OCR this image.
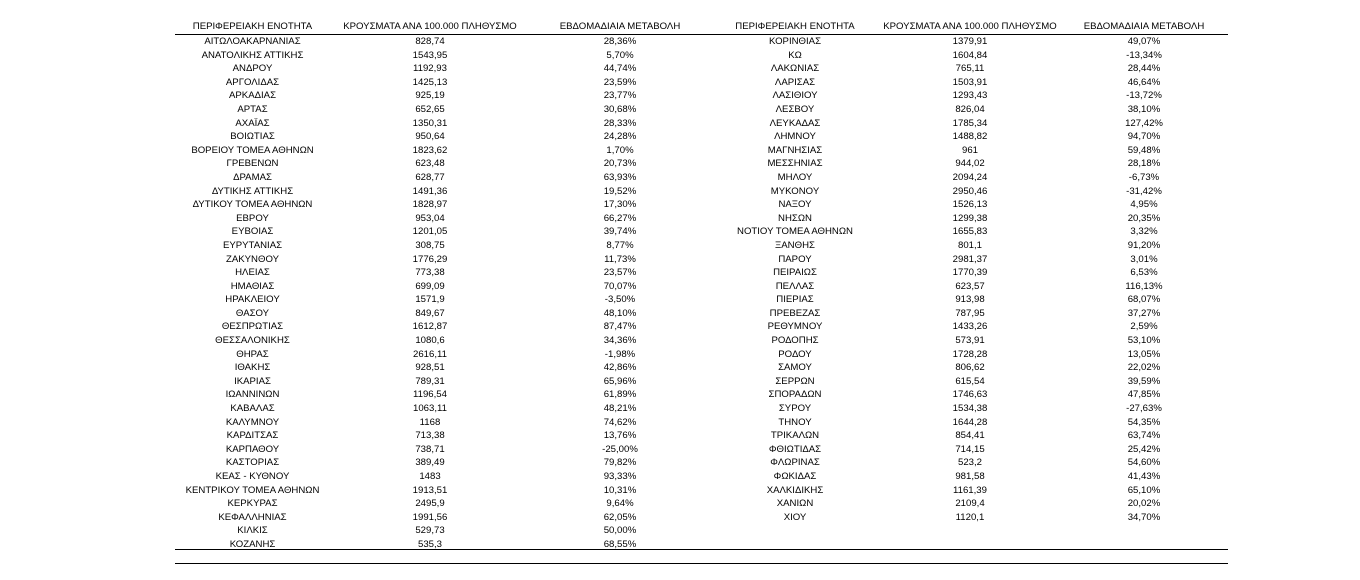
ΠΕΡΙΦΕΡΕΙΑΚΗ ΕΝΟΤΗΤΑ	ΚΡΟΥΣΜΑΤΑ ΑΝΑ 100.000 ΠΛΗΘΥΣΜΟ	ΕΒΔΟΜΑΔΙΑΙΑ ΜΕΤΑΒΟΛΗ	ΠΕΡΙΦΕΡΕΙΑΚΗ ΕΝΟΤΗΤΑ	ΚΡΟΥΣΜΑΤΑ ΑΝΑ 100.000 ΠΛΗΘΥΣΜΟ	ΕΒΔΟΜΑΔΙΑΙΑ ΜΕΤΑΒΟΛΗ
ΑΙΤΩΛΟΑΚΑΡΝΑΝΙΑΣ	828,74	28,36%	ΚΟΡΙΝΘΙΑΣ	1379,91	49,07%
ΑΝΑΤΟΛΙΚΗΣ ΑΤΤΙΚΗΣ	1543,95	5,70%	ΚΩ	1604,84	-13,34%
ΑΝΔΡΟΥ	1192,93	44,74%	ΛΑΚΩΝΙΑΣ	765,11	28,44%
ΑΡΓΟΛΙΔΑΣ	1425,13	23,59%	ΛΑΡΙΣΑΣ	1503,91	46,64%
ΑΡΚΑΔΙΑΣ	925,19	23,77%	ΛΑΣΙΘΙΟΥ	1293,43	-13,72%
ΑΡΤΑΣ	652,65	30,68%	ΛΕΣΒΟΥ	826,04	38,10%
ΑΧΑΪΑΣ	1350,31	28,33%	ΛΕΥΚΑΔΑΣ	1785,34	127,42%
ΒΟΙΩΤΙΑΣ	950,64	24,28%	ΛΗΜΝΟΥ	1488,82	94,70%
ΒΟΡΕΙΟΥ ΤΟΜΕΑ ΑΘΗΝΩΝ	1823,62	1,70%	ΜΑΓΝΗΣΙΑΣ	961	59,48%
ΓΡΕΒΕΝΩΝ	623,48	20,73%	ΜΕΣΣΗΝΙΑΣ	944,02	28,18%
ΔΡΑΜΑΣ	628,77	63,93%	ΜΗΛΟΥ	2094,24	-6,73%
ΔΥΤΙΚΗΣ ΑΤΤΙΚΗΣ	1491,36	19,52%	ΜΥΚΟΝΟΥ	2950,46	-31,42%
ΔΥΤΙΚΟΥ ΤΟΜΕΑ ΑΘΗΝΩΝ	1828,97	17,30%	ΝΑΞΟΥ	1526,13	4,95%
ΕΒΡΟΥ	953,04	66,27%	ΝΗΣΩΝ	1299,38	20,35%
ΕΥΒΟΙΑΣ	1201,05	39,74%	ΝΟΤΙΟΥ ΤΟΜΕΑ ΑΘΗΝΩΝ	1655,83	3,32%
ΕΥΡΥΤΑΝΙΑΣ	308,75	8,77%	ΞΑΝΘΗΣ	801,1	91,20%
ΖΑΚΥΝΘΟΥ	1776,29	11,73%	ΠΑΡΟΥ	2981,37	3,01%
ΗΛΕΙΑΣ	773,38	23,57%	ΠΕΙΡΑΙΩΣ	1770,39	6,53%
ΗΜΑΘΙΑΣ	699,09	70,07%	ΠΕΛΛΑΣ	623,57	116,13%
ΗΡΑΚΛΕΙΟΥ	1571,9	-3,50%	ΠΙΕΡΙΑΣ	913,98	68,07%
ΘΑΣΟΥ	849,67	48,10%	ΠΡΕΒΕΖΑΣ	787,95	37,27%
ΘΕΣΠΡΩΤΙΑΣ	1612,87	87,47%	ΡΕΘΥΜΝΟΥ	1433,26	2,59%
ΘΕΣΣΑΛΟΝΙΚΗΣ	1080,6	34,36%	ΡΟΔΟΠΗΣ	573,91	53,10%
ΘΗΡΑΣ	2616,11	-1,98%	ΡΟΔΟΥ	1728,28	13,05%
ΙΘΑΚΗΣ	928,51	42,86%	ΣΑΜΟΥ	806,62	22,02%
ΙΚΑΡΙΑΣ	789,31	65,96%	ΣΕΡΡΩΝ	615,54	39,59%
ΙΩΑΝΝΙΝΩΝ	1196,54	61,89%	ΣΠΟΡΑΔΩΝ	1746,63	47,85%
ΚΑΒΑΛΑΣ	1063,11	48,21%	ΣΥΡΟΥ	1534,38	-27,63%
ΚΑΛΥΜΝΟΥ	1168	74,62%	ΤΗΝΟΥ	1644,28	54,35%
ΚΑΡΔΙΤΣΑΣ	713,38	13,76%	ΤΡΙΚΑΛΩΝ	854,41	63,74%
ΚΑΡΠΑΘΟΥ	738,71	-25,00%	ΦΘΙΩΤΙΔΑΣ	714,15	25,42%
ΚΑΣΤΟΡΙΑΣ	389,49	79,82%	ΦΛΩΡΙΝΑΣ	523,2	54,60%
ΚΕΑΣ - ΚΥΘΝΟΥ	1483	93,33%	ΦΩΚΙΔΑΣ	981,58	41,43%
ΚΕΝΤΡΙΚΟΥ ΤΟΜΕΑ ΑΘΗΝΩΝ	1913,51	10,31%	ΧΑΛΚΙΔΙΚΗΣ	1161,39	65,10%
ΚΕΡΚΥΡΑΣ	2495,9	9,64%	ΧΑΝΙΩΝ	2109,4	20,02%
ΚΕΦΑΛΛΗΝΙΑΣ	1991,56	62,05%	ΧΙΟΥ	1120,1	34,70%
ΚΙΛΚΙΣ	529,73	50,00%			
ΚΟΖΑΝΗΣ	535,3	68,55%			
